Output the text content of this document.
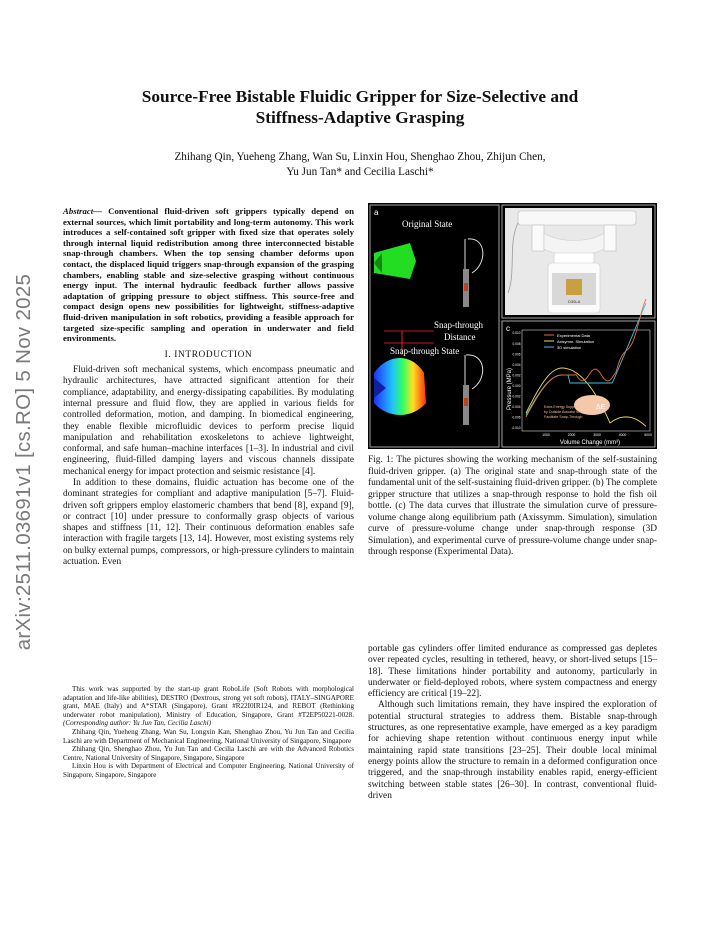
arXiv:2511.03691v1 [cs.RO] 5 Nov 2025
Source-Free Bistable Fluidic Gripper for Size-Selective and
Stiffness-Adaptive Grasping
Zhihang Qin, Yueheng Zhang, Wan Su, Linxin Hou, Shenghao Zhou, Zhijun Chen,
Yu Jun Tan* and Cecilia Laschi*

Abstract— Conventional fluid-driven soft grippers typically depend on external sources, which limit portability and long-term autonomy. This work introduces a self-contained soft gripper with fixed size that operates solely through internal liquid redistribution among three interconnected bistable snap-through chambers. When the top sensing chamber deforms upon contact, the displaced liquid triggers snap-through expansion of the grasping chambers, enabling stable and size-selective grasping without continuous energy input. The internal hydraulic feedback further allows passive adaptation of gripping pressure to object stiffness. This source-free and compact design opens new possibilities for lightweight, stiffness-adaptive fluid-driven manipulation in soft robotics, providing a feasible approach for targeted size-specific sampling and operation in underwater and field environments.

I. INTRODUCTION

Fluid-driven soft mechanical systems, which encompass pneumatic and hydraulic architectures, have attracted significant attention for their compliance, adaptability, and energy-dissipating capabilities. By modulating internal pressure and fluid flow, they are applied in various fields for controlled deformation, motion, and damping. In biomedical engineering, they enable flexible microfluidic devices to perform precise liquid manipulation and rehabilitation exoskeletons to achieve lightweight, conformal, and safe human–machine interfaces [1–3]. In industrial and civil engineering, fluid-filled damping layers and viscous channels dissipate mechanical energy for impact protection and seismic resistance [4].

In addition to these domains, fluidic actuation has become one of the dominant strategies for compliant and adaptive manipulation [5–7]. Fluid-driven soft grippers employ elastomeric chambers that bend [8], expand [9], or contract [10] under pressure to conformally grasp objects of various shapes and stiffness [11, 12]. Their continuous deformation enables safe interaction with fragile targets [13, 14]. However, most existing systems rely on bulky external pumps, compressors, or high-pressure cylinders to maintain actuation. Even

This work was supported by the start-up grant RoboLife (Soft Robots with morphological adaptation and life-like abilities), DESTRO (Dextrous, strong yet soft robots), ITALY–SINGAPORE grant, MAE (Italy) and A*STAR (Singapore), Grant #R22I0IR124, and REBOT (Rethinking underwater robot manipulation), Ministry of Education, Singapore, Grant #T2EP50221-0028. (Corresponding author: Yu Jun Tan, Cecilia Laschi)

Zhihang Qin, Yueheng Zhang, Wan Su, Longxin Kan, Shenghao Zhou, Yu Jun Tan and Cecilia Laschi are with Department of Mechanical Engineering, National University of Singapore, Singapore

Zhihang Qin, Shenghao Zhou, Yu Jun Tan and Cecilia Laschi are with the Advanced Robotics Centre, National University of Singapore, Singapore, Singapore

Linxin Hou is with Department of Electrical and Computer Engineering, National University of Singapore, Singapore, Singapore

a
c
Original State
Snap-through
Distance
Snap-through State
D30LA
0.010
0.008
0.006
0.004
0.002
0.000
-0.002
-0.004
-0.006
-0.010
1000	2000	3000	4000	5000
Pressure (MPa)
Volume Change (mm³)
Experimental Data
Axisymm. Simulation
3D simulation
ΔE
Extra Energy Supplied
by Outside Actuator to
Facilitate Snap-Through
Fig. 1: The pictures showing the working mechanism of the self-sustaining fluid-driven gripper. (a) The original state and snap-through state of the fundamental unit of the self-sustaining fluid-driven gripper. (b) The complete gripper structure that utilizes a snap-through response to hold the fish oil bottle. (c) The data curves that illustrate the simulation curve of pressure-volume change along equilibrium path (Axissymm. Simulation), simulation curve of pressure-volume change under snap-through response (3D Simulation), and experimental curve of pressure-volume change under snap-through response (Experimental Data).

portable gas cylinders offer limited endurance as compressed gas depletes over repeated cycles, resulting in tethered, heavy, or short-lived setups [15–18]. These limitations hinder portability and autonomy, particularly in underwater or field-deployed robots, where system compactness and energy efficiency are critical [19–22].

Although such limitations remain, they have inspired the exploration of potential structural strategies to address them. Bistable snap-through structures, as one representative example, have emerged as a key paradigm for achieving shape retention without continuous energy input while maintaining rapid state transitions [23–25]. Their double local minimal energy points allow the structure to remain in a deformed configuration once triggered, and the snap-through instability enables rapid, energy-efficient switching between stable states [26–30]. In contrast, conventional fluid-driven
